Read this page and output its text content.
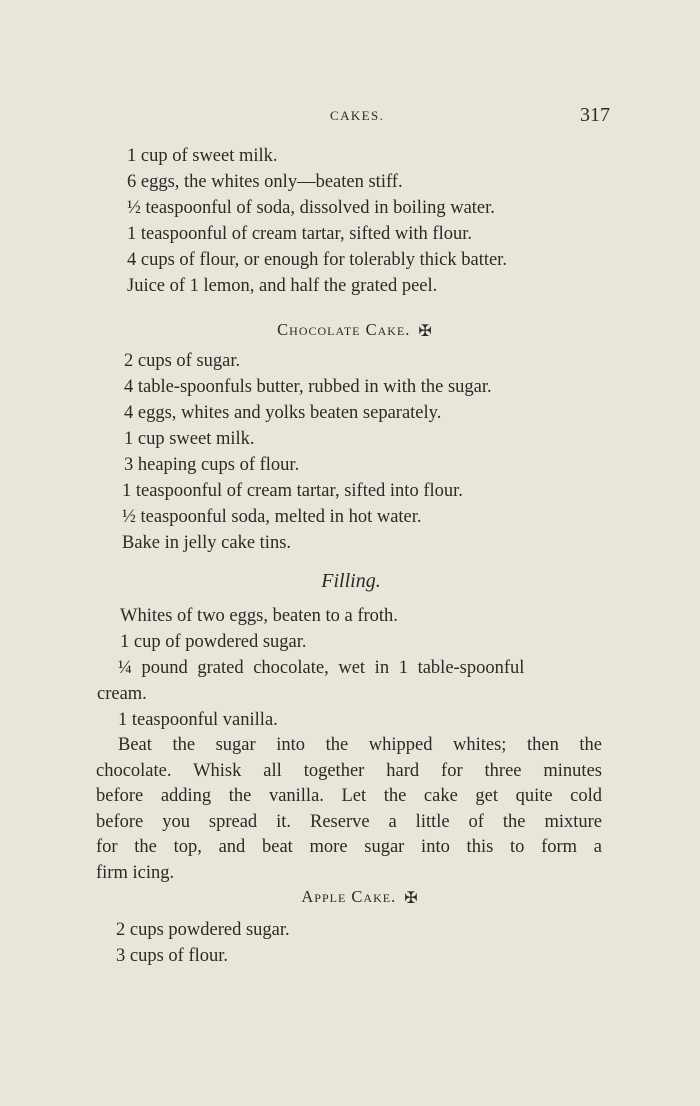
CAKES.	317
1 cup of sweet milk.
6 eggs, the whites only—beaten stiff.
½ teaspoonful of soda, dissolved in boiling water.
1 teaspoonful of cream tartar, sifted with flour.
4 cups of flour, or enough for tolerably thick batter.
Juice of 1 lemon, and half the grated peel.
Chocolate Cake. ✠
2 cups of sugar.
4 table-spoonfuls butter, rubbed in with the sugar.
4 eggs, whites and yolks beaten separately.
1 cup sweet milk.
3 heaping cups of flour.
1 teaspoonful of cream tartar, sifted into flour.
½ teaspoonful soda, melted in hot water.
Bake in jelly cake tins.
Filling.
Whites of two eggs, beaten to a froth.
1 cup of powdered sugar.
¼ pound grated chocolate, wet in 1 table-spoonful
cream.
1 teaspoonful vanilla.
Beat the sugar into the whipped whites; then the
chocolate. Whisk all together hard for three minutes
before adding the vanilla. Let the cake get quite cold
before you spread it. Reserve a little of the mixture
for the top, and beat more sugar into this to form a
firm icing.
Apple Cake. ✠
2 cups powdered sugar.
3 cups of flour.
